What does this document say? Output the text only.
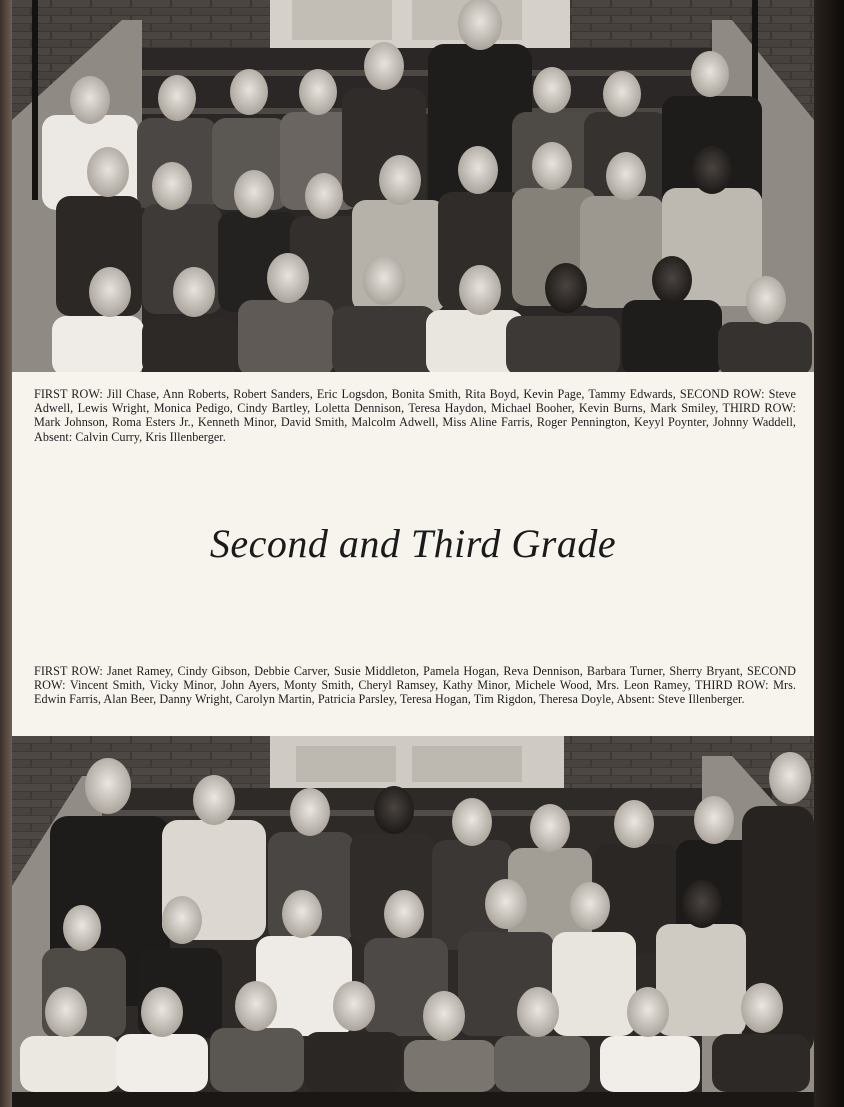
FIRST ROW: Jill Chase, Ann Roberts, Robert Sanders, Eric Logsdon, Bonita Smith, Rita Boyd, Kevin Page, Tammy Edwards, SECOND ROW: Steve Adwell, Lewis Wright, Monica Pedigo, Cindy Bartley, Loletta Dennison, Teresa Haydon, Michael Booher, Kevin Burns, Mark Smiley, THIRD ROW: Mark Johnson, Roma Esters Jr., Kenneth Minor, David Smith, Malcolm Adwell, Miss Aline Farris, Roger Pennington, Keyyl Poynter, Johnny Waddell, Absent: Calvin Curry, Kris Illenberger.
Second and Third Grade
FIRST ROW: Janet Ramey, Cindy Gibson, Debbie Carver, Susie Middleton, Pamela Hogan, Reva Dennison, Barbara Turner, Sherry Bryant, SECOND ROW: Vincent Smith, Vicky Minor, John Ayers, Monty Smith, Cheryl Ramsey, Kathy Minor, Michele Wood, Mrs. Leon Ramey, THIRD ROW: Mrs. Edwin Farris, Alan Beer, Danny Wright, Carolyn Martin, Patricia Parsley, Teresa Hogan, Tim Rigdon, Theresa Doyle, Absent: Steve Illenberger.
